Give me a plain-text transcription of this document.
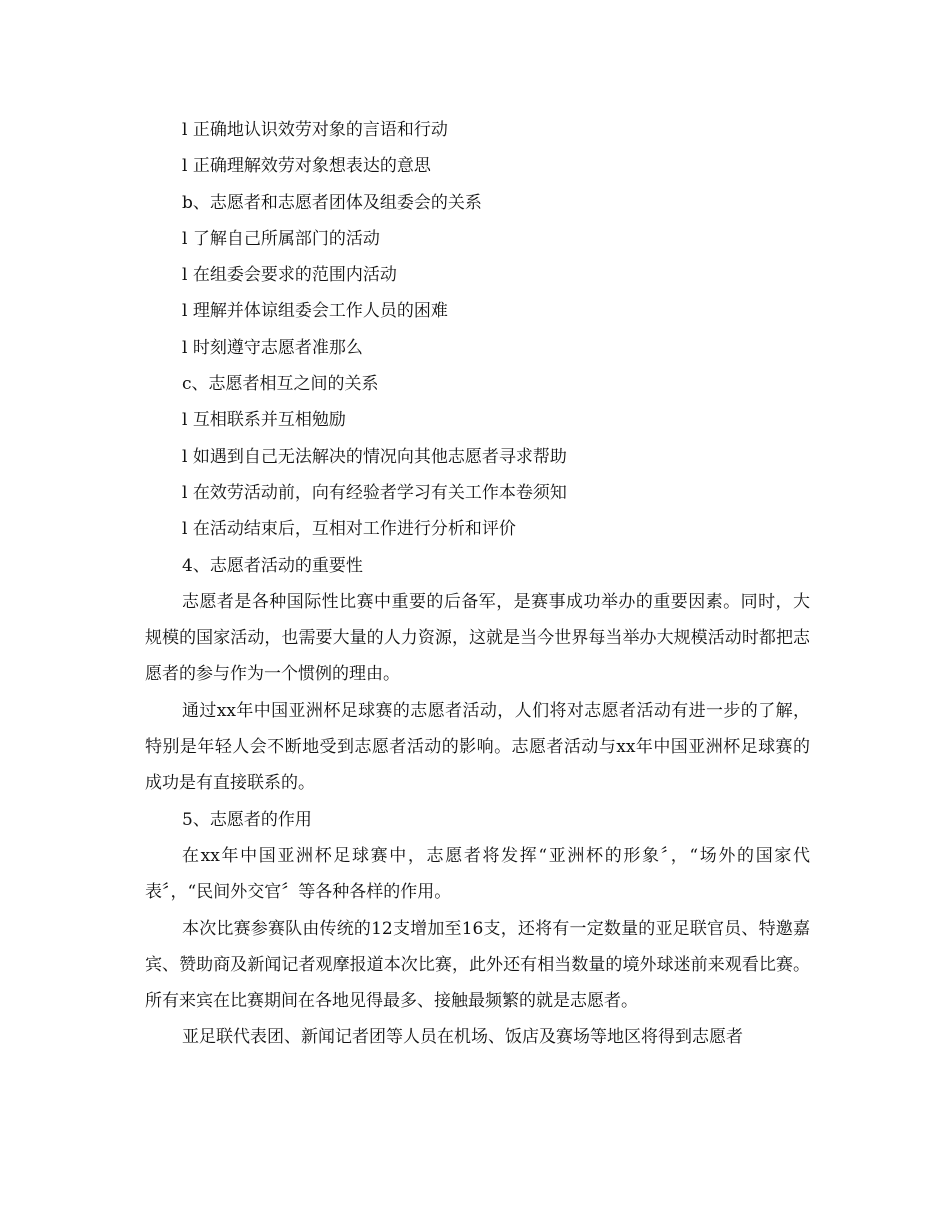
l 正确地认识效劳对象的言语和行动
l 正确理解效劳对象想表达的意思
b、志愿者和志愿者团体及组委会的关系
l 了解自己所属部门的活动
l 在组委会要求的范围内活动
l 理解并体谅组委会工作人员的困难
l 时刻遵守志愿者准那么
c、志愿者相互之间的关系
l 互相联系并互相勉励
l 如遇到自己无法解决的情况向其他志愿者寻求帮助
l 在效劳活动前，向有经验者学习有关工作本卷须知
l 在活动结束后，互相对工作进行分析和评价
4、志愿者活动的重要性

志愿者是各种国际性比赛中重要的后备军，是赛事成功举办的重要因素。同时，大规模的国家活动，也需要大量的人力资源，这就是当今世界每当举办大规模活动时都把志愿者的参与作为一个惯例的理由。

通过xx年中国亚洲杯足球赛的志愿者活动，人们将对志愿者活动有进一步的了解，特别是年轻人会不断地受到志愿者活动的影响。志愿者活动与xx年中国亚洲杯足球赛的成功是有直接联系的。

5、志愿者的作用

在xx年中国亚洲杯足球赛中，志愿者将发挥“亚洲杯的形象〞，“场外的国家代表〞，“民间外交官〞等各种各样的作用。

本次比赛参赛队由传统的12支增加至16支，还将有一定数量的亚足联官员、特邀嘉宾、赞助商及新闻记者观摩报道本次比赛，此外还有相当数量的境外球迷前来观看比赛。所有来宾在比赛期间在各地见得最多、接触最频繁的就是志愿者。

亚足联代表团、新闻记者团等人员在机场、饭店及赛场等地区将得到志愿者
